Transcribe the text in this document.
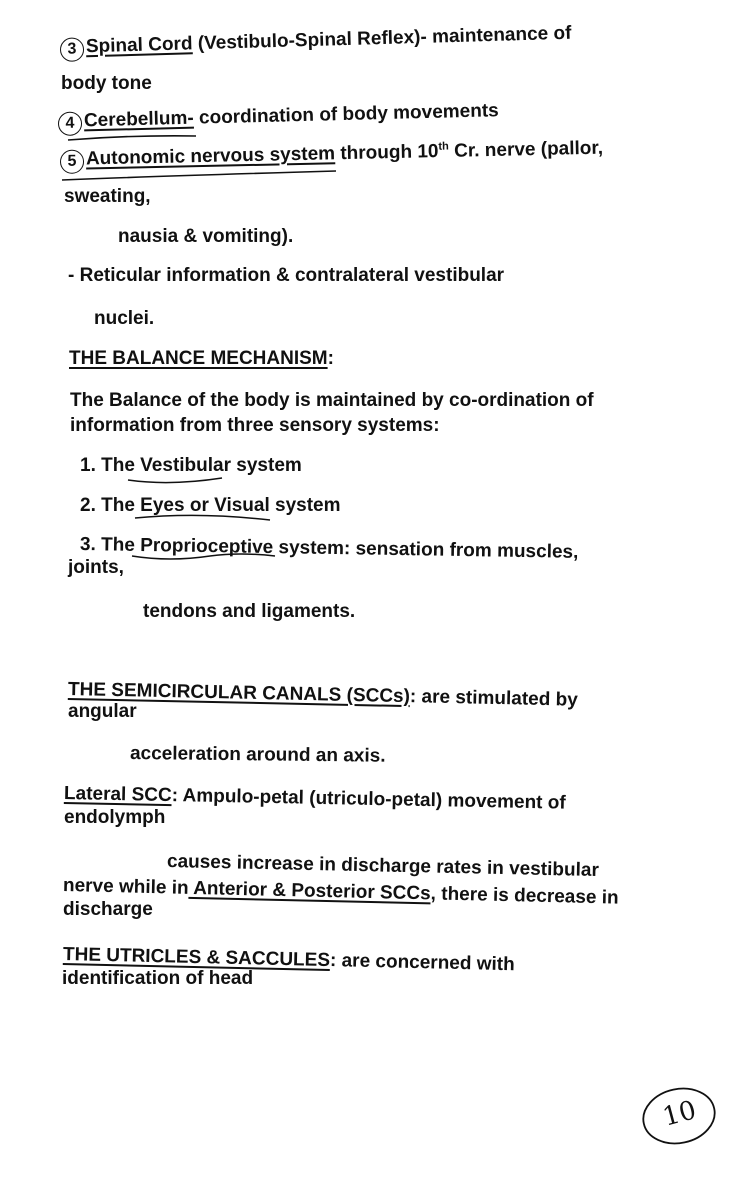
3 Spinal Cord (Vestibulo-Spinal Reflex)- maintenance of
body tone
4 Cerebellum- coordination of body movements
5 Autonomic nervous system through 10th Cr. nerve (pallor,
sweating,
nausia & vomiting).
- Reticular information & contralateral vestibular
nuclei.
THE BALANCE MECHANISM:
The Balance of the body is maintained by co-ordination of
information from three sensory systems:
1. The Vestibular system
2. The Eyes or Visual system
3. The Proprioceptive system: sensation from muscles,
joints,
tendons and ligaments.
THE SEMICIRCULAR CANALS (SCCs): are stimulated by
angular
acceleration around an axis.
Lateral SCC: Ampulo-petal (utriculo-petal) movement of
endolymph
causes increase in discharge rates in vestibular
nerve while in Anterior & Posterior SCCs, there is decrease in
discharge
THE UTRICLES & SACCULES: are concerned with
identification of head
10
